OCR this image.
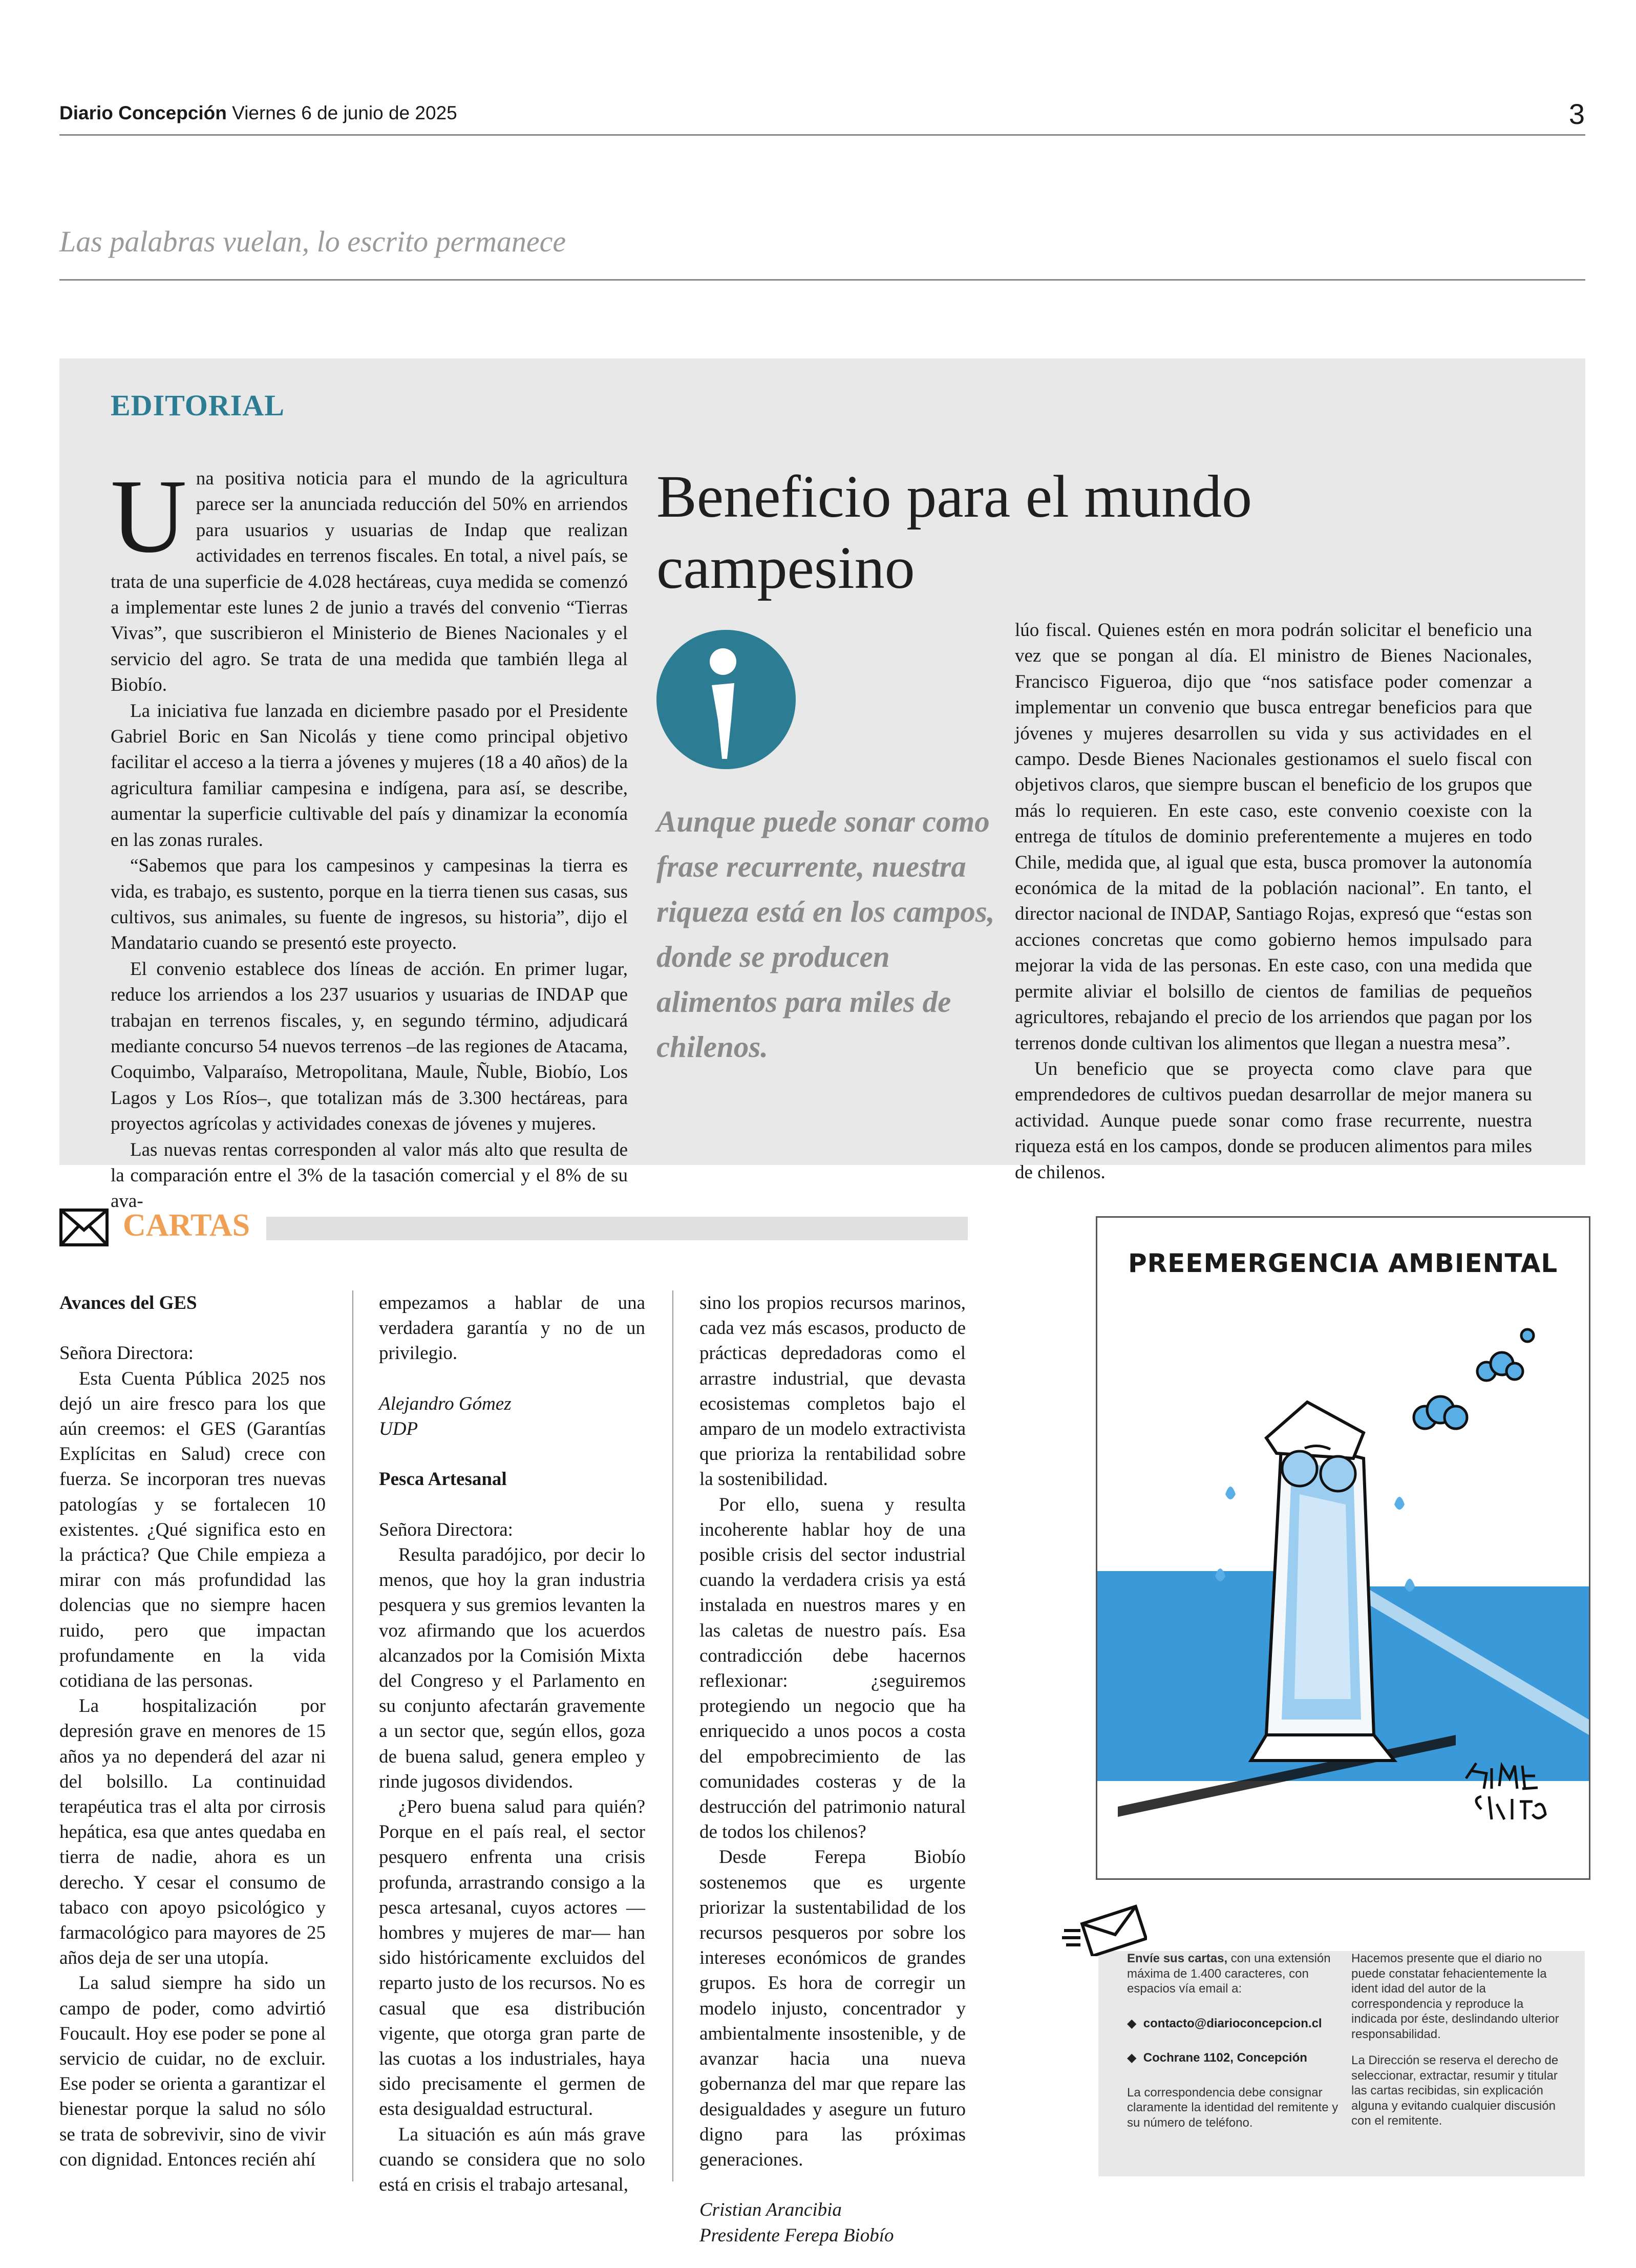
Diario Concepción Viernes 6 de junio de 2025	3
Las palabras vuelan, lo escrito permanece
EDITORIAL
U na positiva noticia para el mundo de la agricultura parece ser la anunciada reducción del 50% en arriendos para usuarios y usuarias de Indap que realizan actividades en terrenos fiscales. En total, a nivel país, se trata de una superficie de 4.028 hectáreas, cuya medida se comenzó a implementar este lunes 2 de junio a través del convenio “Tierras Vivas”, que suscribieron el Ministerio de Bienes Nacionales y el servicio del agro. Se trata de una medida que también llega al Biobío.

La iniciativa fue lanzada en diciembre pasado por el Presidente Gabriel Boric en San Nicolás y tiene como principal objetivo facilitar el acceso a la tierra a jóvenes y mujeres (18 a 40 años) de la agricultura familiar campesina e indígena, para así, se describe, aumentar la superficie cultivable del país y dinamizar la economía en las zonas rurales.

“Sabemos que para los campesinos y campesinas la tierra es vida, es trabajo, es sustento, porque en la tierra tienen sus casas, sus cultivos, sus animales, su fuente de ingresos, su historia”, dijo el Mandatario cuando se presentó este proyecto.

El convenio establece dos líneas de acción. En primer lugar, reduce los arriendos a los 237 usuarios y usuarias de INDAP que trabajan en terrenos fiscales, y, en segundo término, adjudicará mediante concurso 54 nuevos terrenos –de las regiones de Atacama, Coquimbo, Valparaíso, Metropolitana, Maule, Ñuble, Biobío, Los Lagos y Los Ríos–, que totalizan más de 3.300 hectáreas, para proyectos agrícolas y actividades conexas de jóvenes y mujeres.

Las nuevas rentas corresponden al valor más alto que resulta de la comparación entre el 3% de la tasación comercial y el 8% de su ava-

Beneficio para el mundo campesino
Aunque puede sonar como frase recurrente, nuestra riqueza está en los campos, donde se producen alimentos para miles de chilenos.

lúo fiscal. Quienes estén en mora podrán solicitar el beneficio una vez que se pongan al día. El ministro de Bienes Nacionales, Francisco Figueroa, dijo que “nos satisface poder comenzar a implementar un convenio que busca entregar beneficios para que jóvenes y mujeres desarrollen su vida y sus actividades en el campo. Desde Bienes Nacionales gestionamos el suelo fiscal con objetivos claros, que siempre buscan el beneficio de los grupos que más lo requieren. En este caso, este convenio coexiste con la entrega de títulos de dominio preferentemente a mujeres en todo Chile, medida que, al igual que esta, busca promover la autonomía económica de la mitad de la población nacional”. En tanto, el director nacional de INDAP, Santiago Rojas, expresó que “estas son acciones concretas que como gobierno hemos impulsado para mejorar la vida de las personas. En este caso, con una medida que permite aliviar el bolsillo de cientos de familias de pequeños agricultores, rebajando el precio de los arriendos que pagan por los terrenos donde cultivan los alimentos que llegan a nuestra mesa”.

Un beneficio que se proyecta como clave para que emprendedores de cultivos puedan desarrollar de mejor manera su actividad. Aunque puede sonar como frase recurrente, nuestra riqueza está en los campos, donde se producen alimentos para miles de chilenos.

CARTAS

Avances del GES

Señora Directora:

Esta Cuenta Pública 2025 nos dejó un aire fresco para los que aún creemos: el GES (Garantías Explícitas en Salud) crece con fuerza. Se incorporan tres nuevas patologías y se fortalecen 10 existentes. ¿Qué significa esto en la práctica? Que Chile empieza a mirar con más profundidad las dolencias que no siempre hacen ruido, pero que impactan profundamente en la vida cotidiana de las personas.

La hospitalización por depresión grave en menores de 15 años ya no dependerá del azar ni del bolsillo. La continuidad terapéutica tras el alta por cirrosis hepática, esa que antes quedaba en tierra de nadie, ahora es un derecho. Y cesar el consumo de tabaco con apoyo psicológico y farmacológico para mayores de 25 años deja de ser una utopía.

La salud siempre ha sido un campo de poder, como advirtió Foucault. Hoy ese poder se pone al servicio de cuidar, no de excluir. Ese poder se orienta a garantizar el bienestar porque la salud no sólo se trata de sobrevivir, sino de vivir con dignidad. Entonces recién ahí

empezamos a hablar de una verdadera garantía y no de un privilegio.

Alejandro Gómez

UDP

Pesca Artesanal

Señora Directora:

Resulta paradójico, por decir lo menos, que hoy la gran industria pesquera y sus gremios levanten la voz afirmando que los acuerdos alcanzados por la Comisión Mixta del Congreso y el Parlamento en su conjunto afectarán gravemente a un sector que, según ellos, goza de buena salud, genera empleo y rinde jugosos dividendos.

¿Pero buena salud para quién? Porque en el país real, el sector pesquero enfrenta una crisis profunda, arrastrando consigo a la pesca artesanal, cuyos actores —hombres y mujeres de mar— han sido históricamente excluidos del reparto justo de los recursos. No es casual que esa distribución vigente, que otorga gran parte de las cuotas a los industriales, haya sido precisamente el germen de esta desigualdad estructural.

La situación es aún más grave cuando se considera que no solo está en crisis el trabajo artesanal,

sino los propios recursos marinos, cada vez más escasos, producto de prácticas depredadoras como el arrastre industrial, que devasta ecosistemas completos bajo el amparo de un modelo extractivista que prioriza la rentabilidad sobre la sostenibilidad.

Por ello, suena y resulta incoherente hablar hoy de una posible crisis del sector industrial cuando la verdadera crisis ya está instalada en nuestros mares y en las caletas de nuestro país. Esa contradicción debe hacernos reflexionar: ¿seguiremos protegiendo un negocio que ha enriquecido a unos pocos a costa del empobrecimiento de las comunidades costeras y de la destrucción del patrimonio natural de todos los chilenos?

Desde Ferepa Biobío sostenemos que es urgente priorizar la sustentabilidad de los recursos pesqueros por sobre los intereses económicos de grandes grupos. Es hora de corregir un modelo injusto, concentrador y ambientalmente insostenible, y de avanzar hacia una nueva gobernanza del mar que repare las desigualdades y asegure un futuro digno para las próximas generaciones.

Cristian Arancibia

Presidente Ferepa Biobío

PREEMERGENCIA AMBIENTAL

Envíe sus cartas, con una extensión máxima de 1.400 caracteres, con espacios vía email a:

◆  contacto@diarioconcepcion.cl

◆  Cochrane 1102, Concepción

La correspondencia debe consignar claramente la identidad del remitente y su número de teléfono.

Hacemos presente que el diario no puede constatar fehacientemente la ident idad del autor de la correspondencia y reproduce la indicada por éste, deslindando ulterior responsabilidad.

La Dirección se reserva el derecho de seleccionar, extractar, resumir y titular las cartas recibidas, sin explicación alguna y evitando cualquier discusión con el remitente.
